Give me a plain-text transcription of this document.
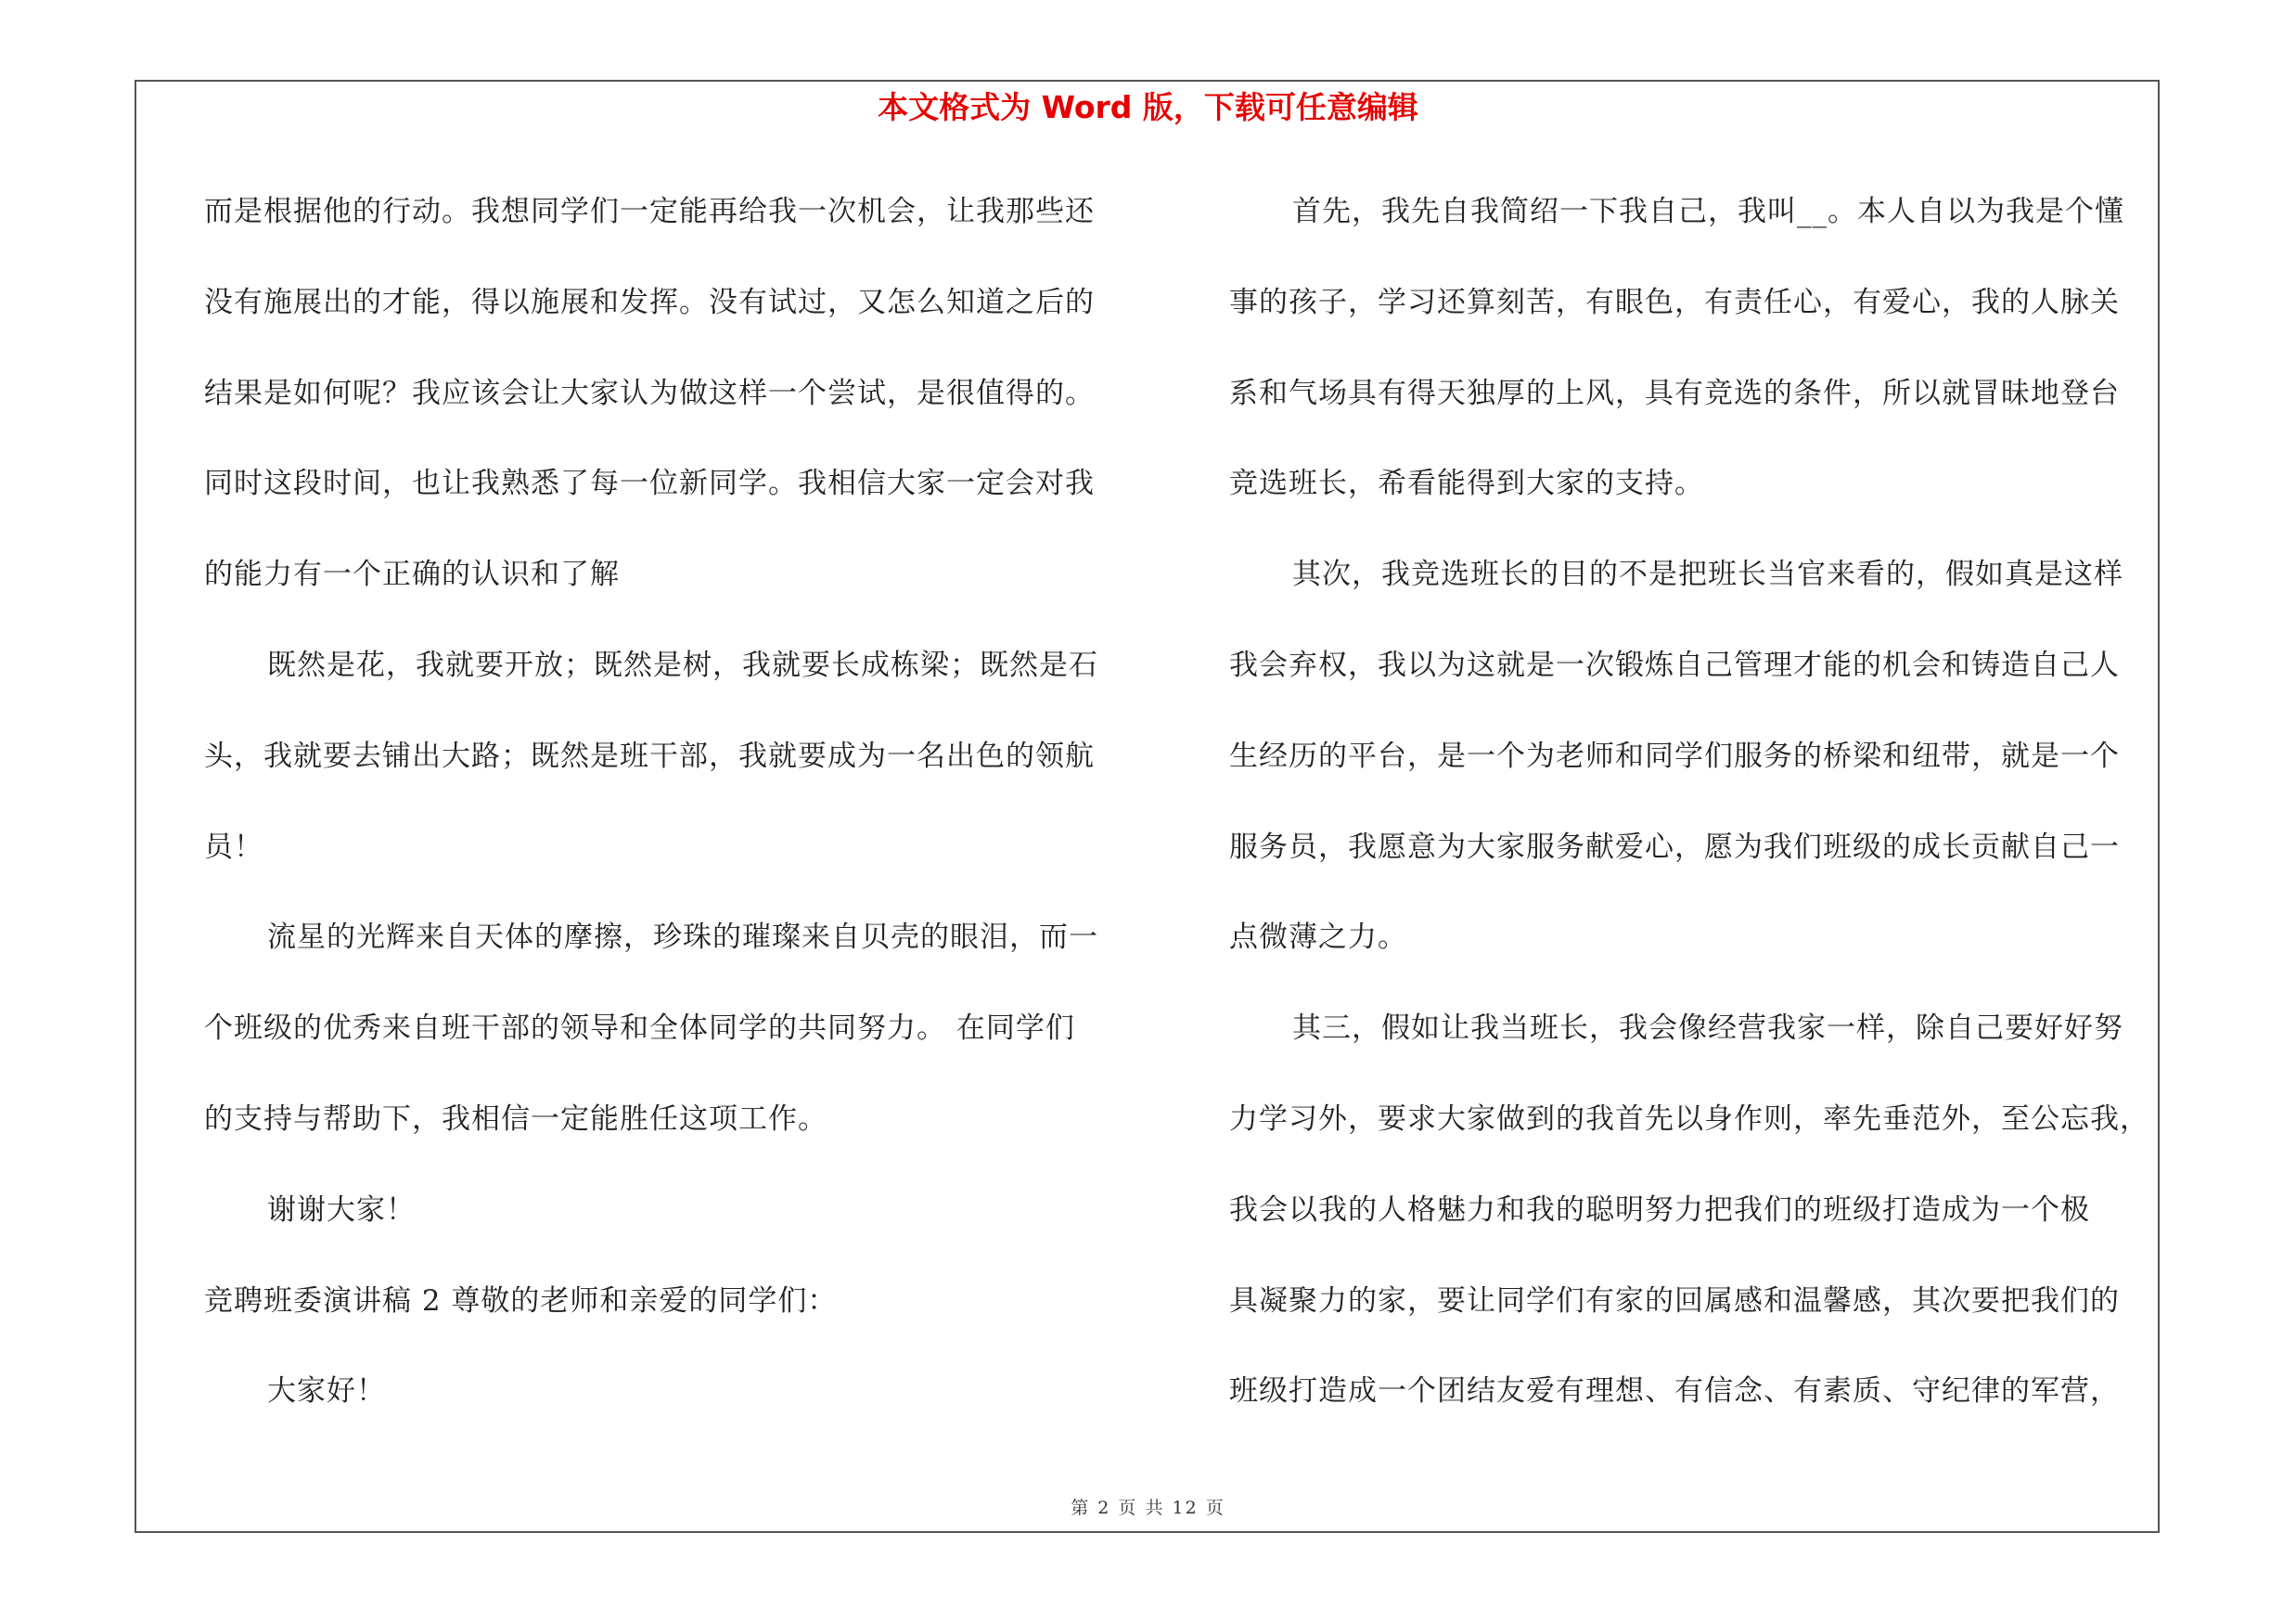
本文格式为 Word 版，下载可任意编辑
而是根据他的行动。我想同学们一定能再给我一次机会，让我那些还
没有施展出的才能，得以施展和发挥。没有试过，又怎么知道之后的
结果是如何呢？我应该会让大家认为做这样一个尝试，是很值得的。
同时这段时间，也让我熟悉了每一位新同学。我相信大家一定会对我
的能力有一个正确的认识和了解
既然是花，我就要开放；既然是树，我就要长成栋梁；既然是石
头，我就要去铺出大路；既然是班干部，我就要成为一名出色的领航
员！
流星的光辉来自天体的摩擦，珍珠的璀璨来自贝壳的眼泪，而一
个班级的优秀来自班干部的领导和全体同学的共同努力。 在同学们
的支持与帮助下，我相信一定能胜任这项工作。
谢谢大家！
竞聘班委演讲稿 2 尊敬的老师和亲爱的同学们：
大家好！
首先，我先自我简绍一下我自己，我叫__。本人自以为我是个懂
事的孩子，学习还算刻苦，有眼色，有责任心，有爱心，我的人脉关
系和气场具有得天独厚的上风，具有竞选的条件，所以就冒昧地登台
竞选班长，希看能得到大家的支持。
其次，我竞选班长的目的不是把班长当官来看的，假如真是这样
我会弃权，我以为这就是一次锻炼自己管理才能的机会和铸造自己人
生经历的平台，是一个为老师和同学们服务的桥梁和纽带，就是一个
服务员，我愿意为大家服务献爱心，愿为我们班级的成长贡献自己一
点微薄之力。
其三，假如让我当班长，我会像经营我家一样，除自己要好好努
力学习外，要求大家做到的我首先以身作则，率先垂范外，至公忘我，
我会以我的人格魅力和我的聪明努力把我们的班级打造成为一个极
具凝聚力的家，要让同学们有家的回属感和温馨感，其次要把我们的
班级打造成一个团结友爱有理想、有信念、有素质、守纪律的军营，
第 2 页 共 12 页
